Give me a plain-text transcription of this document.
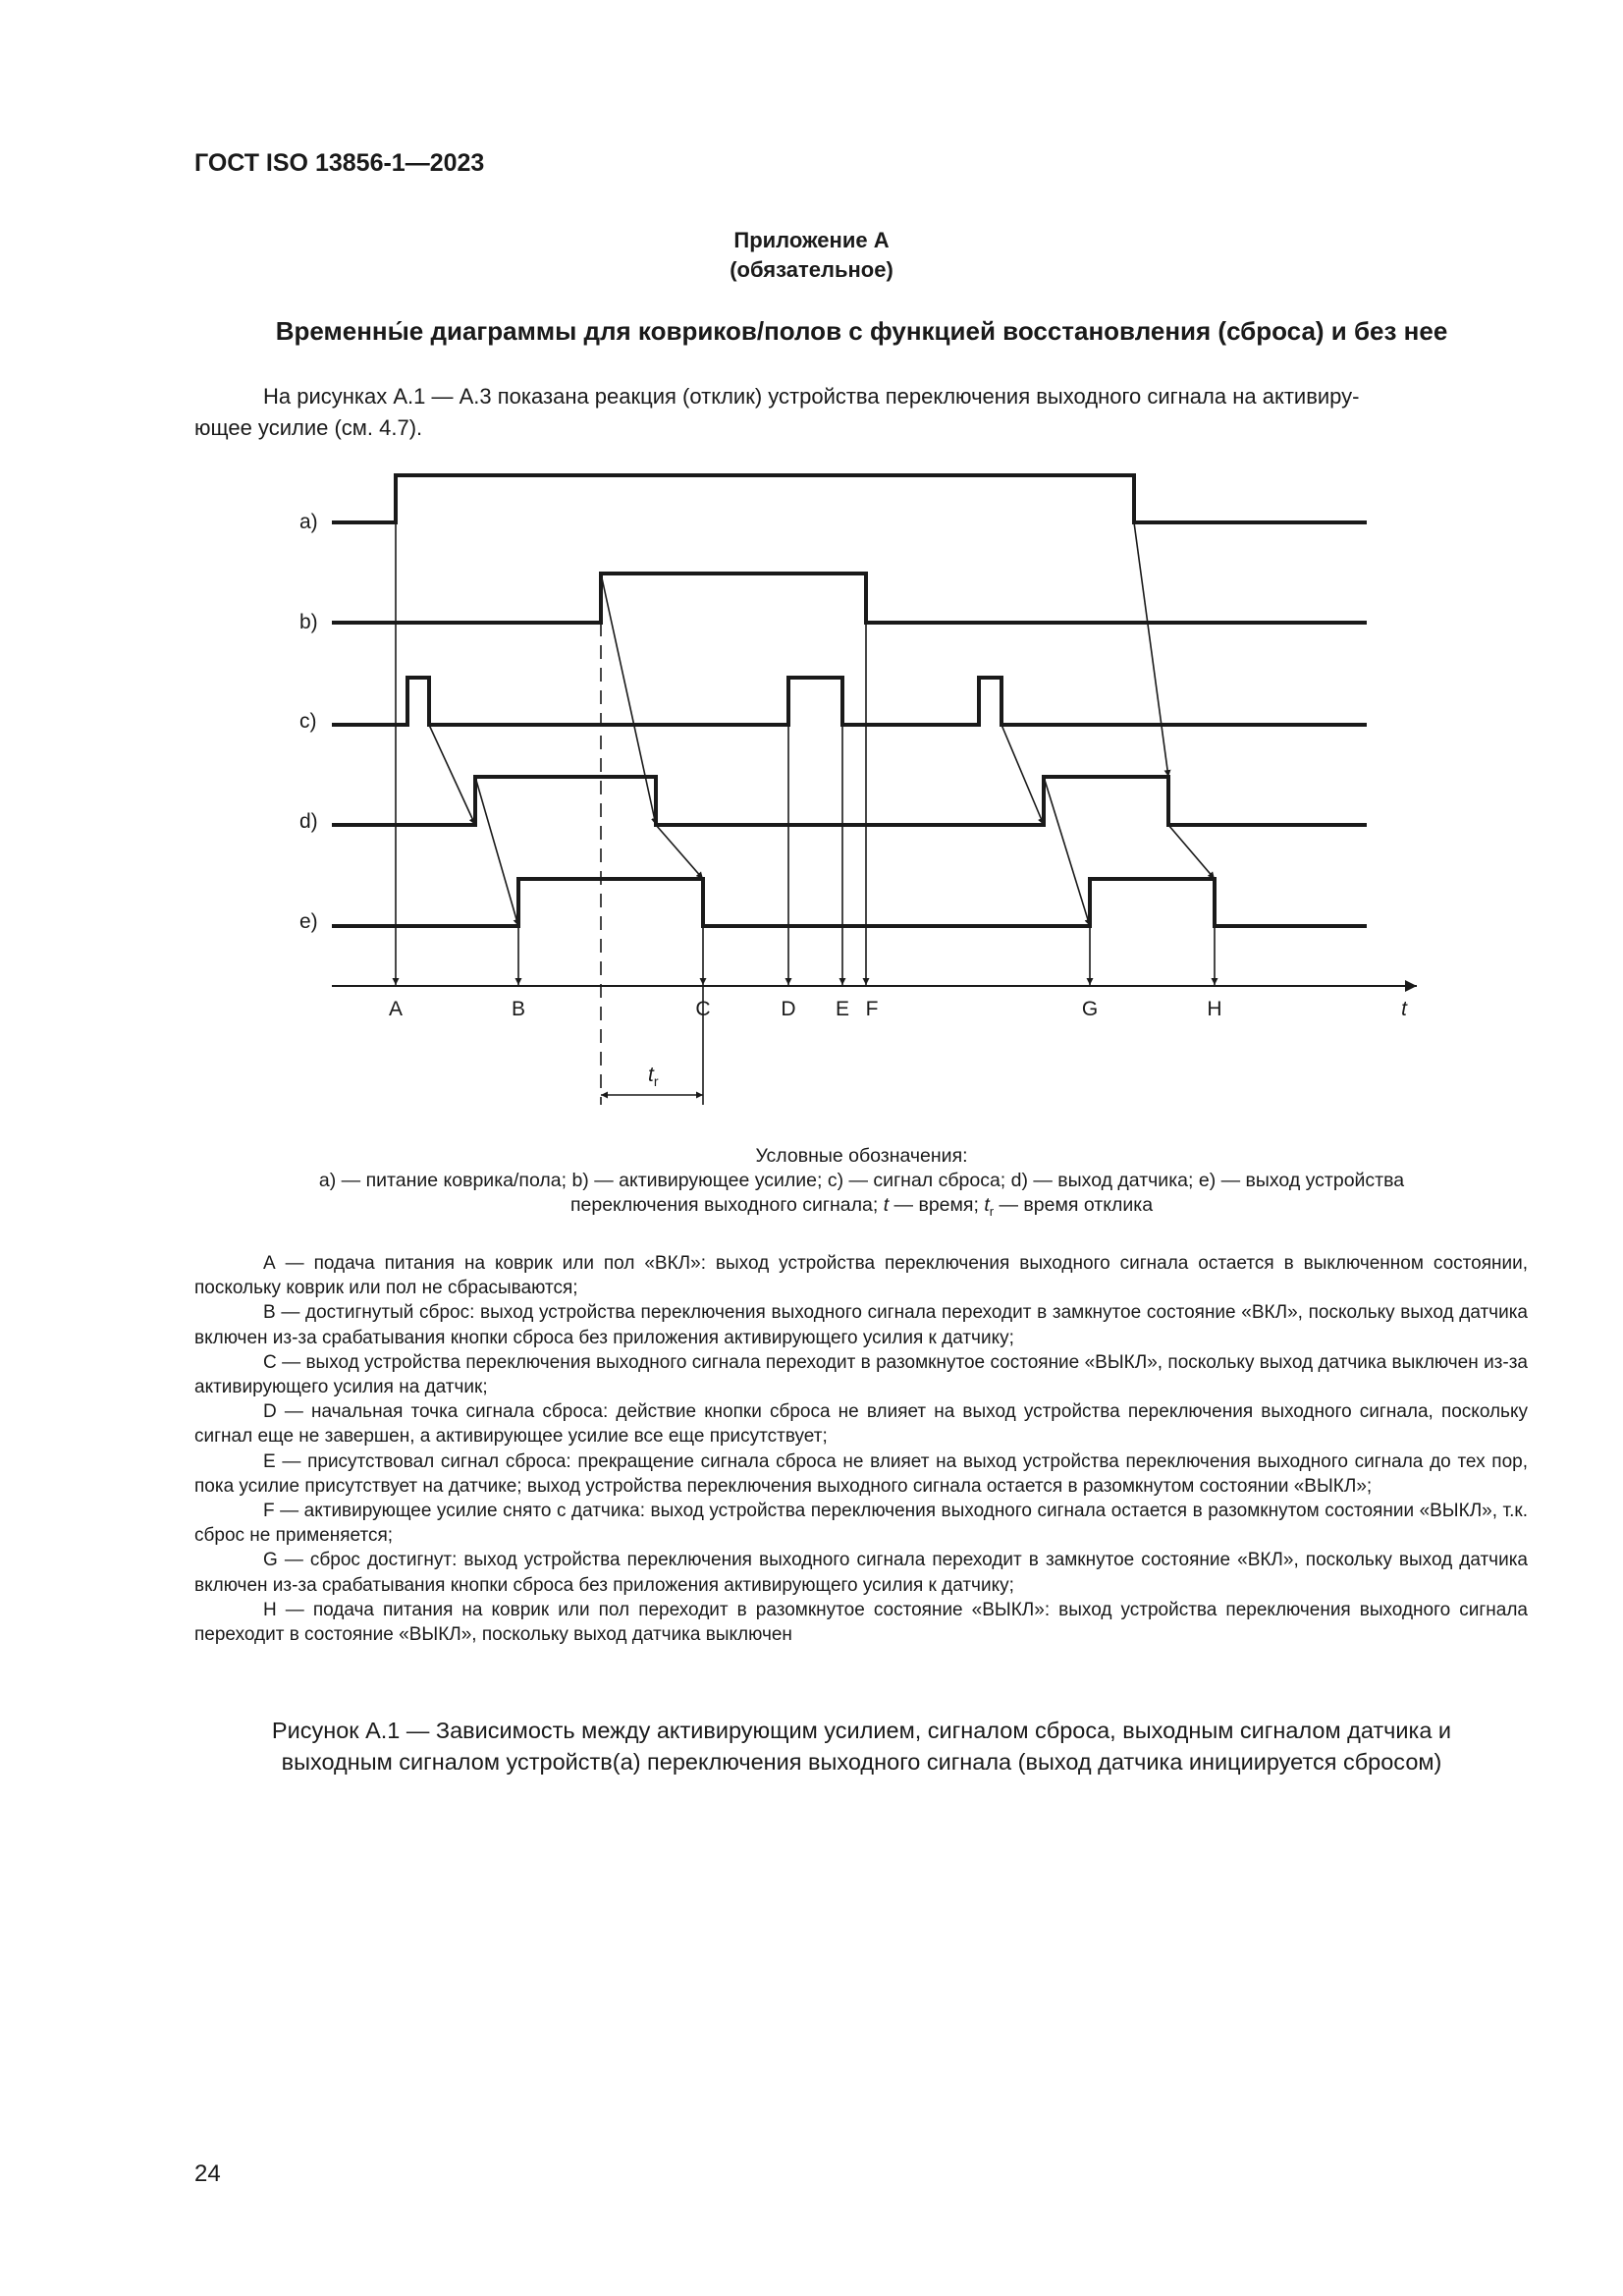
ГОСТ ISO 13856-1—2023
Приложение А
(обязательное)
Временны́е диаграммы для ковриков/полов с функцией восстановления (сброса) и без нее
На рисунках А.1 — А.3 показана реакция (отклик) устройства переключения выходного сигнала на активиру-
ющее усилие (см. 4.7).
a)
b)
c)
d)
e)
A	B	C	D E F	G	H	t
$t_r$
Условные обозначения:
а) — питание коврика/пола; b) — активирующее усилие; с) — сигнал сброса; d) — выход датчика; е) — выход устройства
переключения выходного сигнала; t — время; $t_r$ — время отклика

А — подача питания на коврик или пол «ВКЛ»: выход устройства переключения выходного сигнала остается в выключенном состоянии, поскольку коврик или пол не сбрасываются;

В — достигнутый сброс: выход устройства переключения выходного сигнала переходит в замкнутое состояние «ВКЛ», поскольку выход датчика включен из-за срабатывания кнопки сброса без приложения активирующего усилия к датчику;

С — выход устройства переключения выходного сигнала переходит в разомкнутое состояние «ВЫКЛ», поскольку выход датчика выключен из-за активирующего усилия на датчик;

D — начальная точка сигнала сброса: действие кнопки сброса не влияет на выход устройства переключения выходного сигнала, поскольку сигнал еще не завершен, а активирующее усилие все еще присутствует;

Е — присутствовал сигнал сброса: прекращение сигнала сброса не влияет на выход устройства переключения выходного сигнала до тех пор, пока усилие присутствует на датчике; выход устройства переключения выходного сигнала остается в разомкнутом состоянии «ВЫКЛ»;

F — активирующее усилие снято с датчика: выход устройства переключения выходного сигнала остается в разомкнутом состоянии «ВЫКЛ», т.к. сброс не применяется;

G — сброс достигнут: выход устройства переключения выходного сигнала переходит в замкнутое состояние «ВКЛ», поскольку выход датчика включен из-за срабатывания кнопки сброса без приложения активирующего усилия к датчику;

Н — подача питания на коврик или пол переходит в разомкнутое состояние «ВЫКЛ»: выход устройства переключения выходного сигнала переходит в состояние «ВЫКЛ», поскольку выход датчика выключен

Рисунок А.1 — Зависимость между активирующим усилием, сигналом сброса, выходным сигналом датчика и
выходным сигналом устройств(а) переключения выходного сигнала (выход датчика инициируется сбросом)
24
